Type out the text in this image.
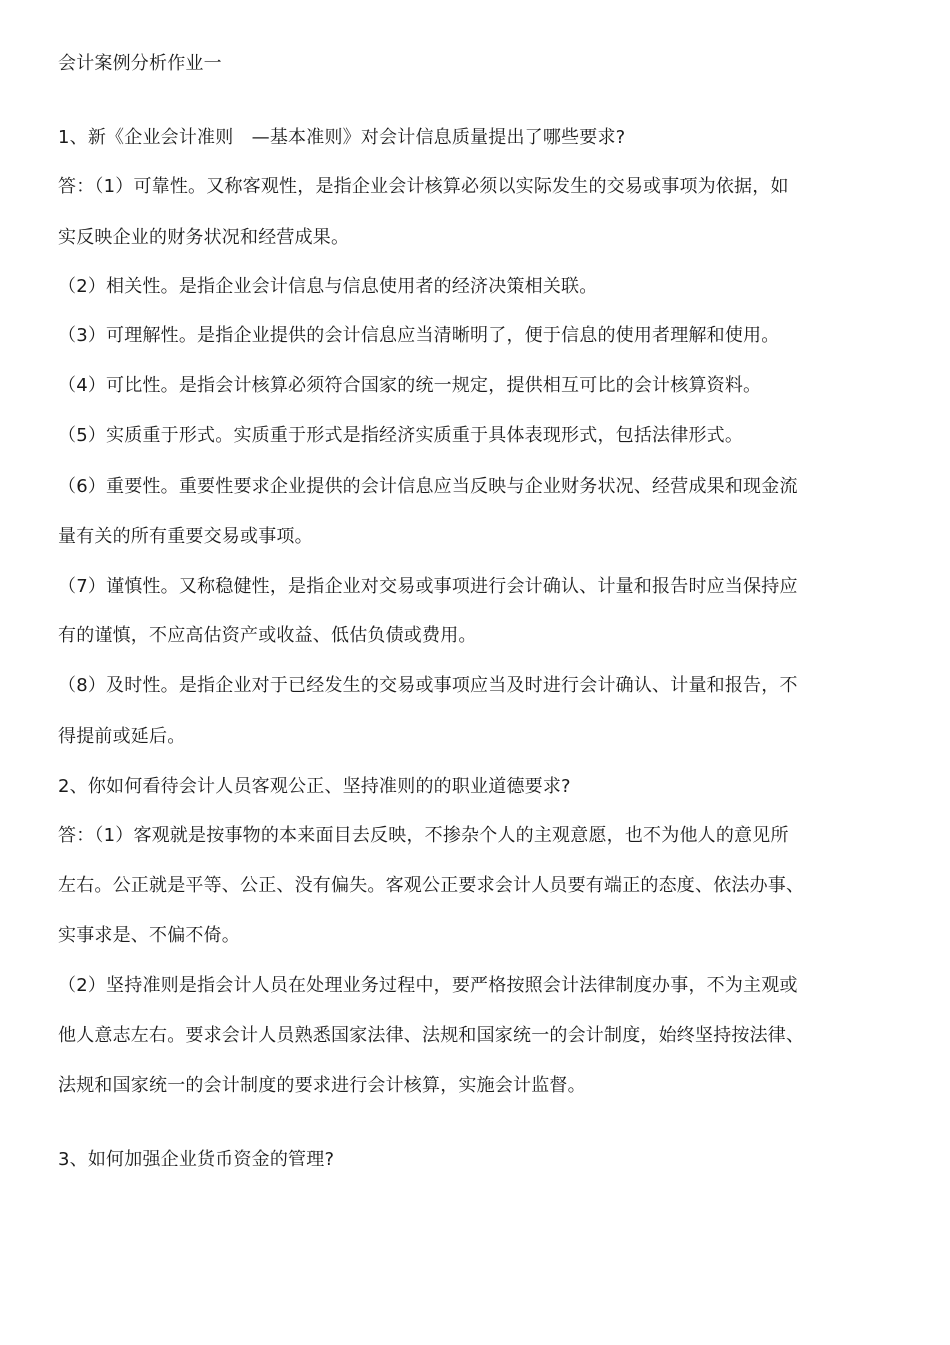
会计案例分析作业一
1、新《企业会计准则　—基本准则》对会计信息质量提出了哪些要求?
答：（1）可靠性。又称客观性，是指企业会计核算必须以实际发生的交易或事项为依据，如
实反映企业的财务状况和经营成果。
（2）相关性。是指企业会计信息与信息使用者的经济决策相关联。
（3）可理解性。是指企业提供的会计信息应当清晰明了，便于信息的使用者理解和使用。
（4）可比性。是指会计核算必须符合国家的统一规定，提供相互可比的会计核算资料。
（5）实质重于形式。实质重于形式是指经济实质重于具体表现形式，包括法律形式。
（6）重要性。重要性要求企业提供的会计信息应当反映与企业财务状况、经营成果和现金流
量有关的所有重要交易或事项。
（7）谨慎性。又称稳健性，是指企业对交易或事项进行会计确认、计量和报告时应当保持应
有的谨慎，不应高估资产或收益、低估负债或费用。
（8）及时性。是指企业对于已经发生的交易或事项应当及时进行会计确认、计量和报告，不
得提前或延后。
2、你如何看待会计人员客观公正、坚持准则的的职业道德要求?
答：（1）客观就是按事物的本来面目去反映，不掺杂个人的主观意愿，也不为他人的意见所
左右。公正就是平等、公正、没有偏失。客观公正要求会计人员要有端正的态度、依法办事、
实事求是、不偏不倚。
（2）坚持准则是指会计人员在处理业务过程中，要严格按照会计法律制度办事，不为主观或
他人意志左右。要求会计人员熟悉国家法律、法规和国家统一的会计制度，始终坚持按法律、
法规和国家统一的会计制度的要求进行会计核算，实施会计监督。
3、如何加强企业货币资金的管理?
